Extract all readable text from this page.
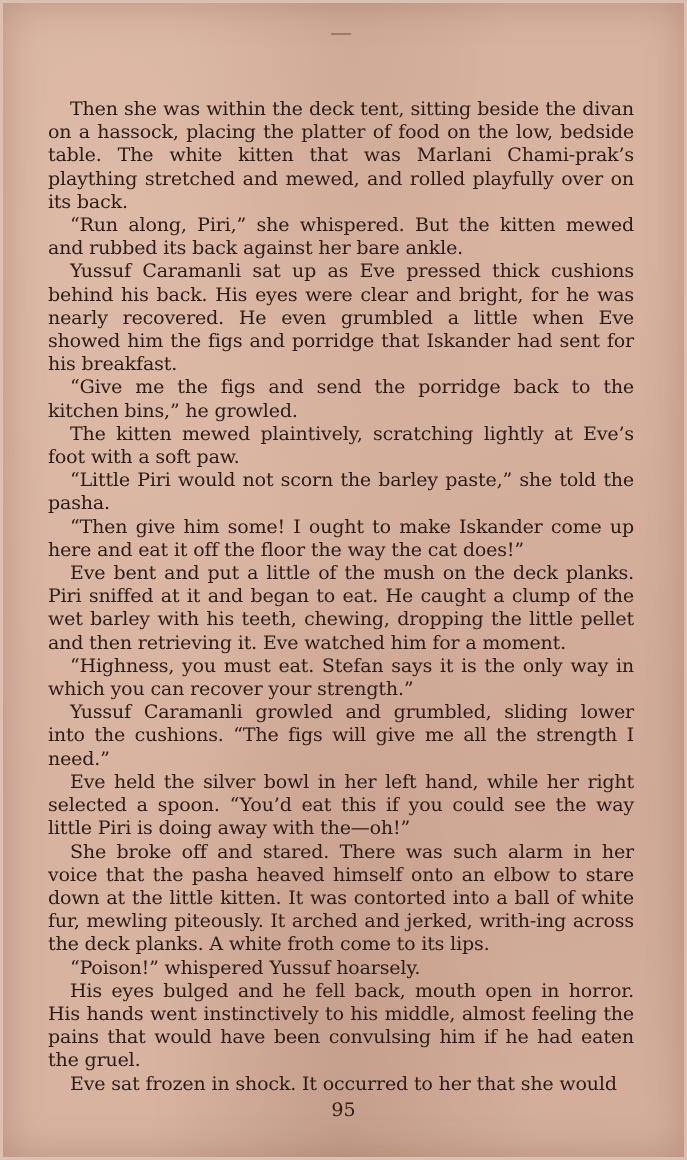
Then she was within the deck tent, sitting beside the divan on a hassock, placing the platter of food on the low, bedside table. The white kitten that was Marlani Chami-prak’s plaything stretched and mewed, and rolled playfully over on its back.

“Run along, Piri,” she whispered. But the kitten mewed and rubbed its back against her bare ankle.

Yussuf Caramanli sat up as Eve pressed thick cushions behind his back. His eyes were clear and bright, for he was nearly recovered. He even grumbled a little when Eve showed him the figs and porridge that Iskander had sent for his breakfast.

“Give me the figs and send the porridge back to the kitchen bins,” he growled.

The kitten mewed plaintively, scratching lightly at Eve’s foot with a soft paw.

“Little Piri would not scorn the barley paste,” she told the pasha.

“Then give him some! I ought to make Iskander come up here and eat it off the floor the way the cat does!”

Eve bent and put a little of the mush on the deck planks. Piri sniffed at it and began to eat. He caught a clump of the wet barley with his teeth, chewing, dropping the little pellet and then retrieving it. Eve watched him for a moment.

“Highness, you must eat. Stefan says it is the only way in which you can recover your strength.”

Yussuf Caramanli growled and grumbled, sliding lower into the cushions. “The figs will give me all the strength I need.”

Eve held the silver bowl in her left hand, while her right selected a spoon. “You’d eat this if you could see the way little Piri is doing away with the—oh!”

She broke off and stared. There was such alarm in her voice that the pasha heaved himself onto an elbow to stare down at the little kitten. It was contorted into a ball of white fur, mewling piteously. It arched and jerked, writh-ing across the deck planks. A white froth come to its lips.

“Poison!” whispered Yussuf hoarsely.

His eyes bulged and he fell back, mouth open in horror. His hands went instinctively to his middle, almost feeling the pains that would have been convulsing him if he had eaten the gruel.

Eve sat frozen in shock. It occurred to her that she would

95
